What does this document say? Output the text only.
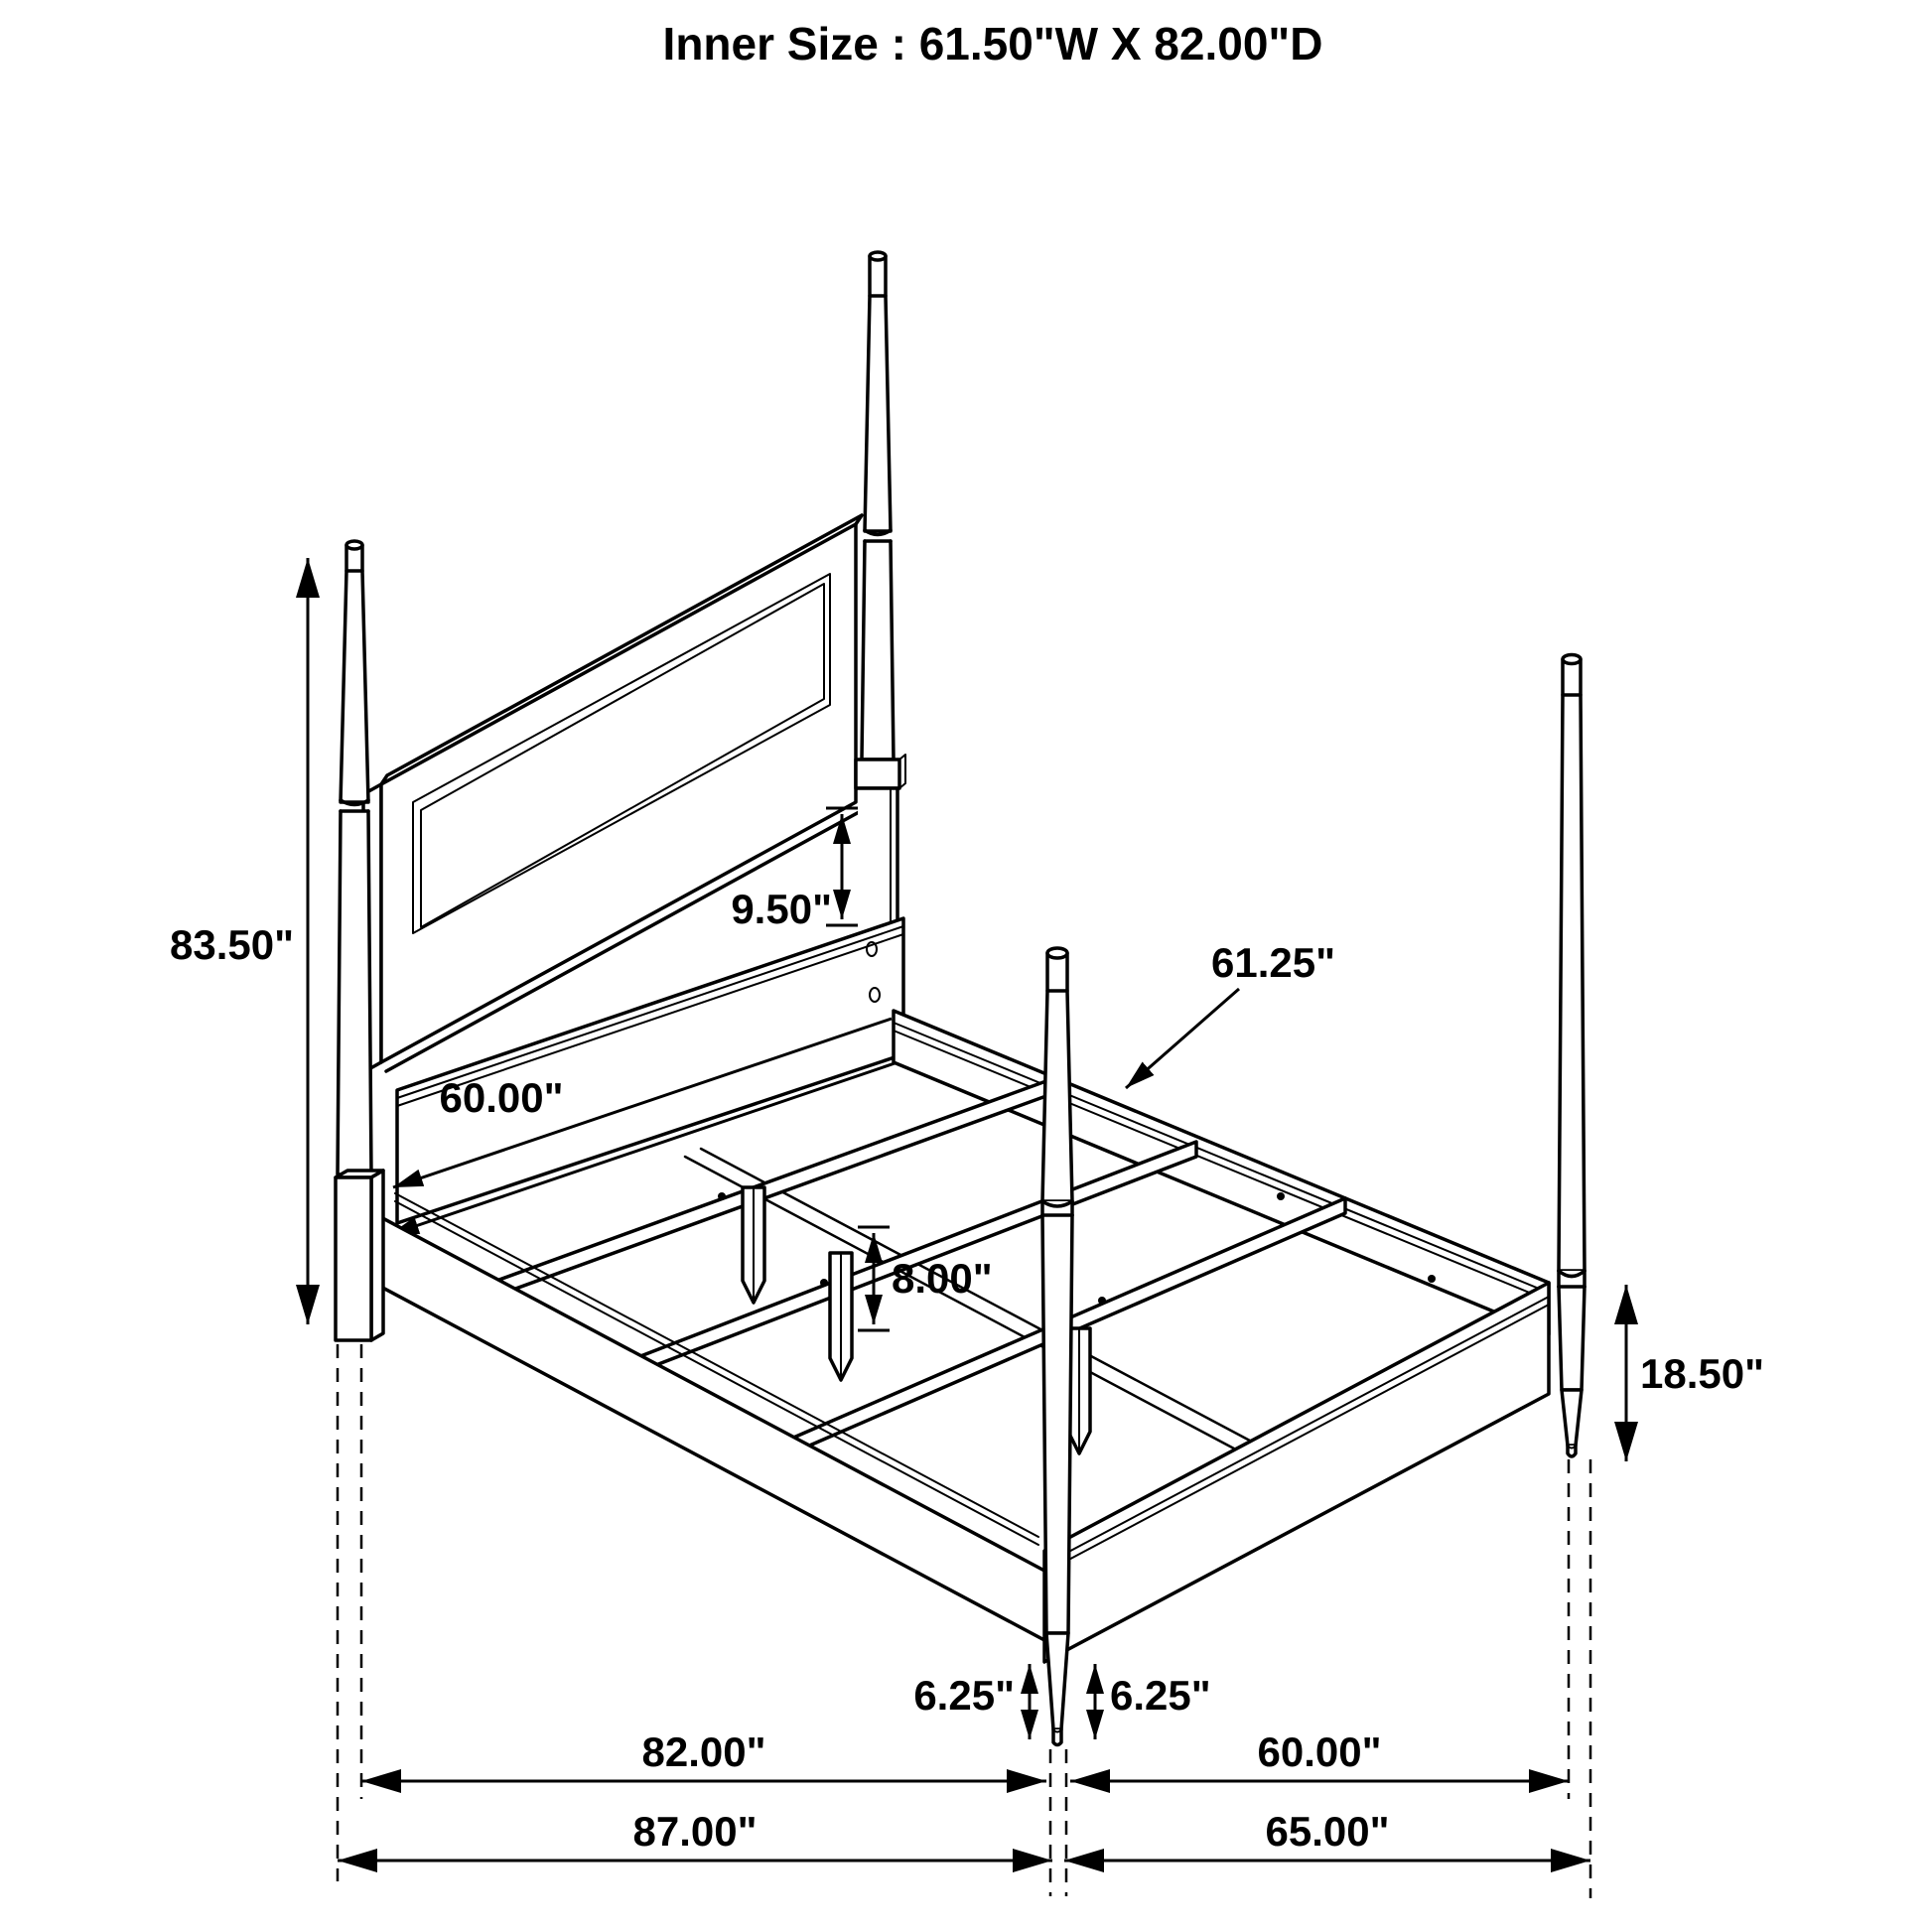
Inner Size : 61.50"W X 82.00"D
60.00"
9.50"
61.25"
8.00"
83.50"
18.50"
6.25" 6.25"
82.00"	60.00"
87.00"	65.00"
